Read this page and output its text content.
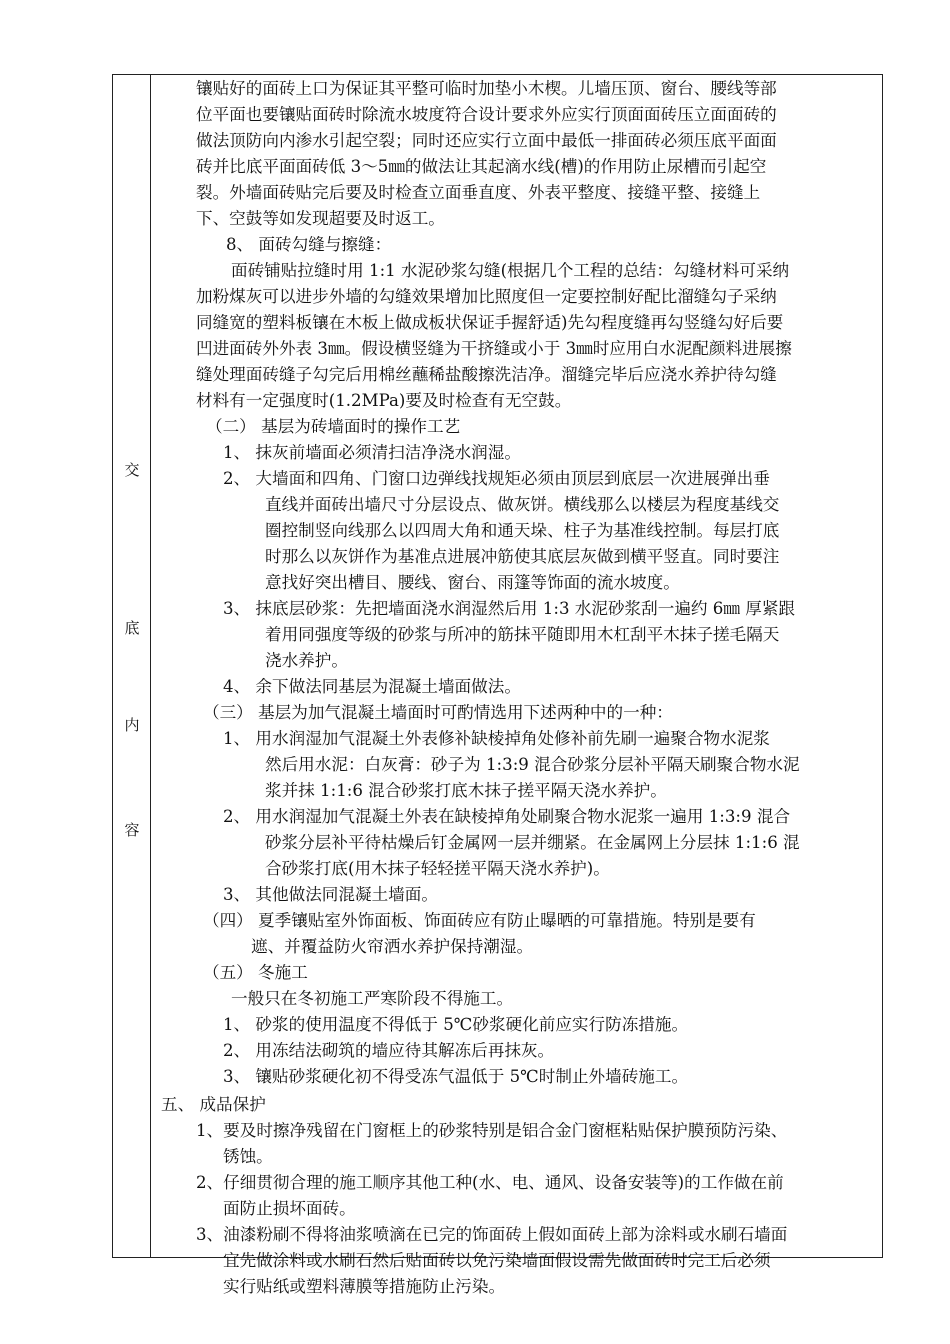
交
底
内
容
镶贴好的面砖上口为保证其平整可临时加垫小木楔。儿墙压顶、窗台、腰线等部
位平面也要镶贴面砖时除流水坡度符合设计要求外应实行顶面面砖压立面面砖的
做法顶防向内渗水引起空裂；同时还应实行立面中最低一排面砖必须压底平面面
砖并比底平面面砖低 3～5㎜的做法让其起滴水线(槽)的作用防止尿槽而引起空
裂。外墙面砖贴完后要及时检查立面垂直度、外表平整度、接缝平整、接缝上
下、空鼓等如发现超要及时返工。
8、 面砖勾缝与擦缝：
面砖铺贴拉缝时用 1:1 水泥砂浆勾缝(根据几个工程的总结：勾缝材料可采纳
加粉煤灰可以进步外墙的勾缝效果增加比照度但一定要控制好配比溜缝勾子采纳
同缝宽的塑料板镶在木板上做成板状保证手握舒适)先勾程度缝再勾竖缝勾好后要
凹进面砖外外表 3㎜。假设横竖缝为干挤缝或小于 3㎜时应用白水泥配颜料进展擦
缝处理面砖缝子勾完后用棉丝蘸稀盐酸擦洗洁净。溜缝完毕后应浇水养护待勾缝
材料有一定强度时(1.2MPa)要及时检查有无空鼓。
（二） 基层为砖墙面时的操作工艺
1、 抹灰前墙面必须清扫洁净浇水润湿。
2、 大墙面和四角、门窗口边弹线找规矩必须由顶层到底层一次进展弹出垂
直线并面砖出墙尺寸分层设点、做灰饼。横线那么以楼层为程度基线交
圈控制竖向线那么以四周大角和通天垛、柱子为基准线控制。每层打底
时那么以灰饼作为基准点进展冲筋使其底层灰做到横平竖直。同时要注
意找好突出槽目、腰线、窗台、雨篷等饰面的流水坡度。
3、 抹底层砂浆：先把墙面浇水润湿然后用 1:3 水泥砂浆刮一遍约 6㎜ 厚紧跟
着用同强度等级的砂浆与所冲的筋抹平随即用木杠刮平木抹子搓毛隔天
浇水养护。
4、 余下做法同基层为混凝土墙面做法。
（三） 基层为加气混凝土墙面时可酌情选用下述两种中的一种：
1、 用水润湿加气混凝土外表修补缺棱掉角处修补前先刷一遍聚合物水泥浆
然后用水泥：白灰膏：砂子为 1:3:9 混合砂浆分层补平隔天刷聚合物水泥
浆并抹 1:1:6 混合砂浆打底木抹子搓平隔天浇水养护。
2、 用水润湿加气混凝土外表在缺棱掉角处刷聚合物水泥浆一遍用 1:3:9 混合
砂浆分层补平待枯燥后钉金属网一层并绷紧。在金属网上分层抹 1:1:6 混
合砂浆打底(用木抹子轻轻搓平隔天浇水养护)。
3、 其他做法同混凝土墙面。
（四） 夏季镶贴室外饰面板、饰面砖应有防止曝晒的可靠措施。特别是要有
遮、并覆益防火帘洒水养护保持潮湿。
（五） 冬施工
一般只在冬初施工严寒阶段不得施工。
1、 砂浆的使用温度不得低于 5℃砂浆硬化前应实行防冻措施。
2、 用冻结法砌筑的墙应待其解冻后再抹灰。
3、 镶贴砂浆硬化初不得受冻气温低于 5℃时制止外墙砖施工。
五、 成品保护
1、要及时擦净残留在门窗框上的砂浆特别是铝合金门窗框粘贴保护膜预防污染、
锈蚀。
2、仔细贯彻合理的施工顺序其他工种(水、电、通风、设备安装等)的工作做在前
面防止损坏面砖。
3、油漆粉刷不得将油浆喷滴在已完的饰面砖上假如面砖上部为涂料或水刷石墙面
宜先做涂料或水刷石然后贴面砖以免污染墙面假设需先做面砖时完工后必须
实行贴纸或塑料薄膜等措施防止污染。
